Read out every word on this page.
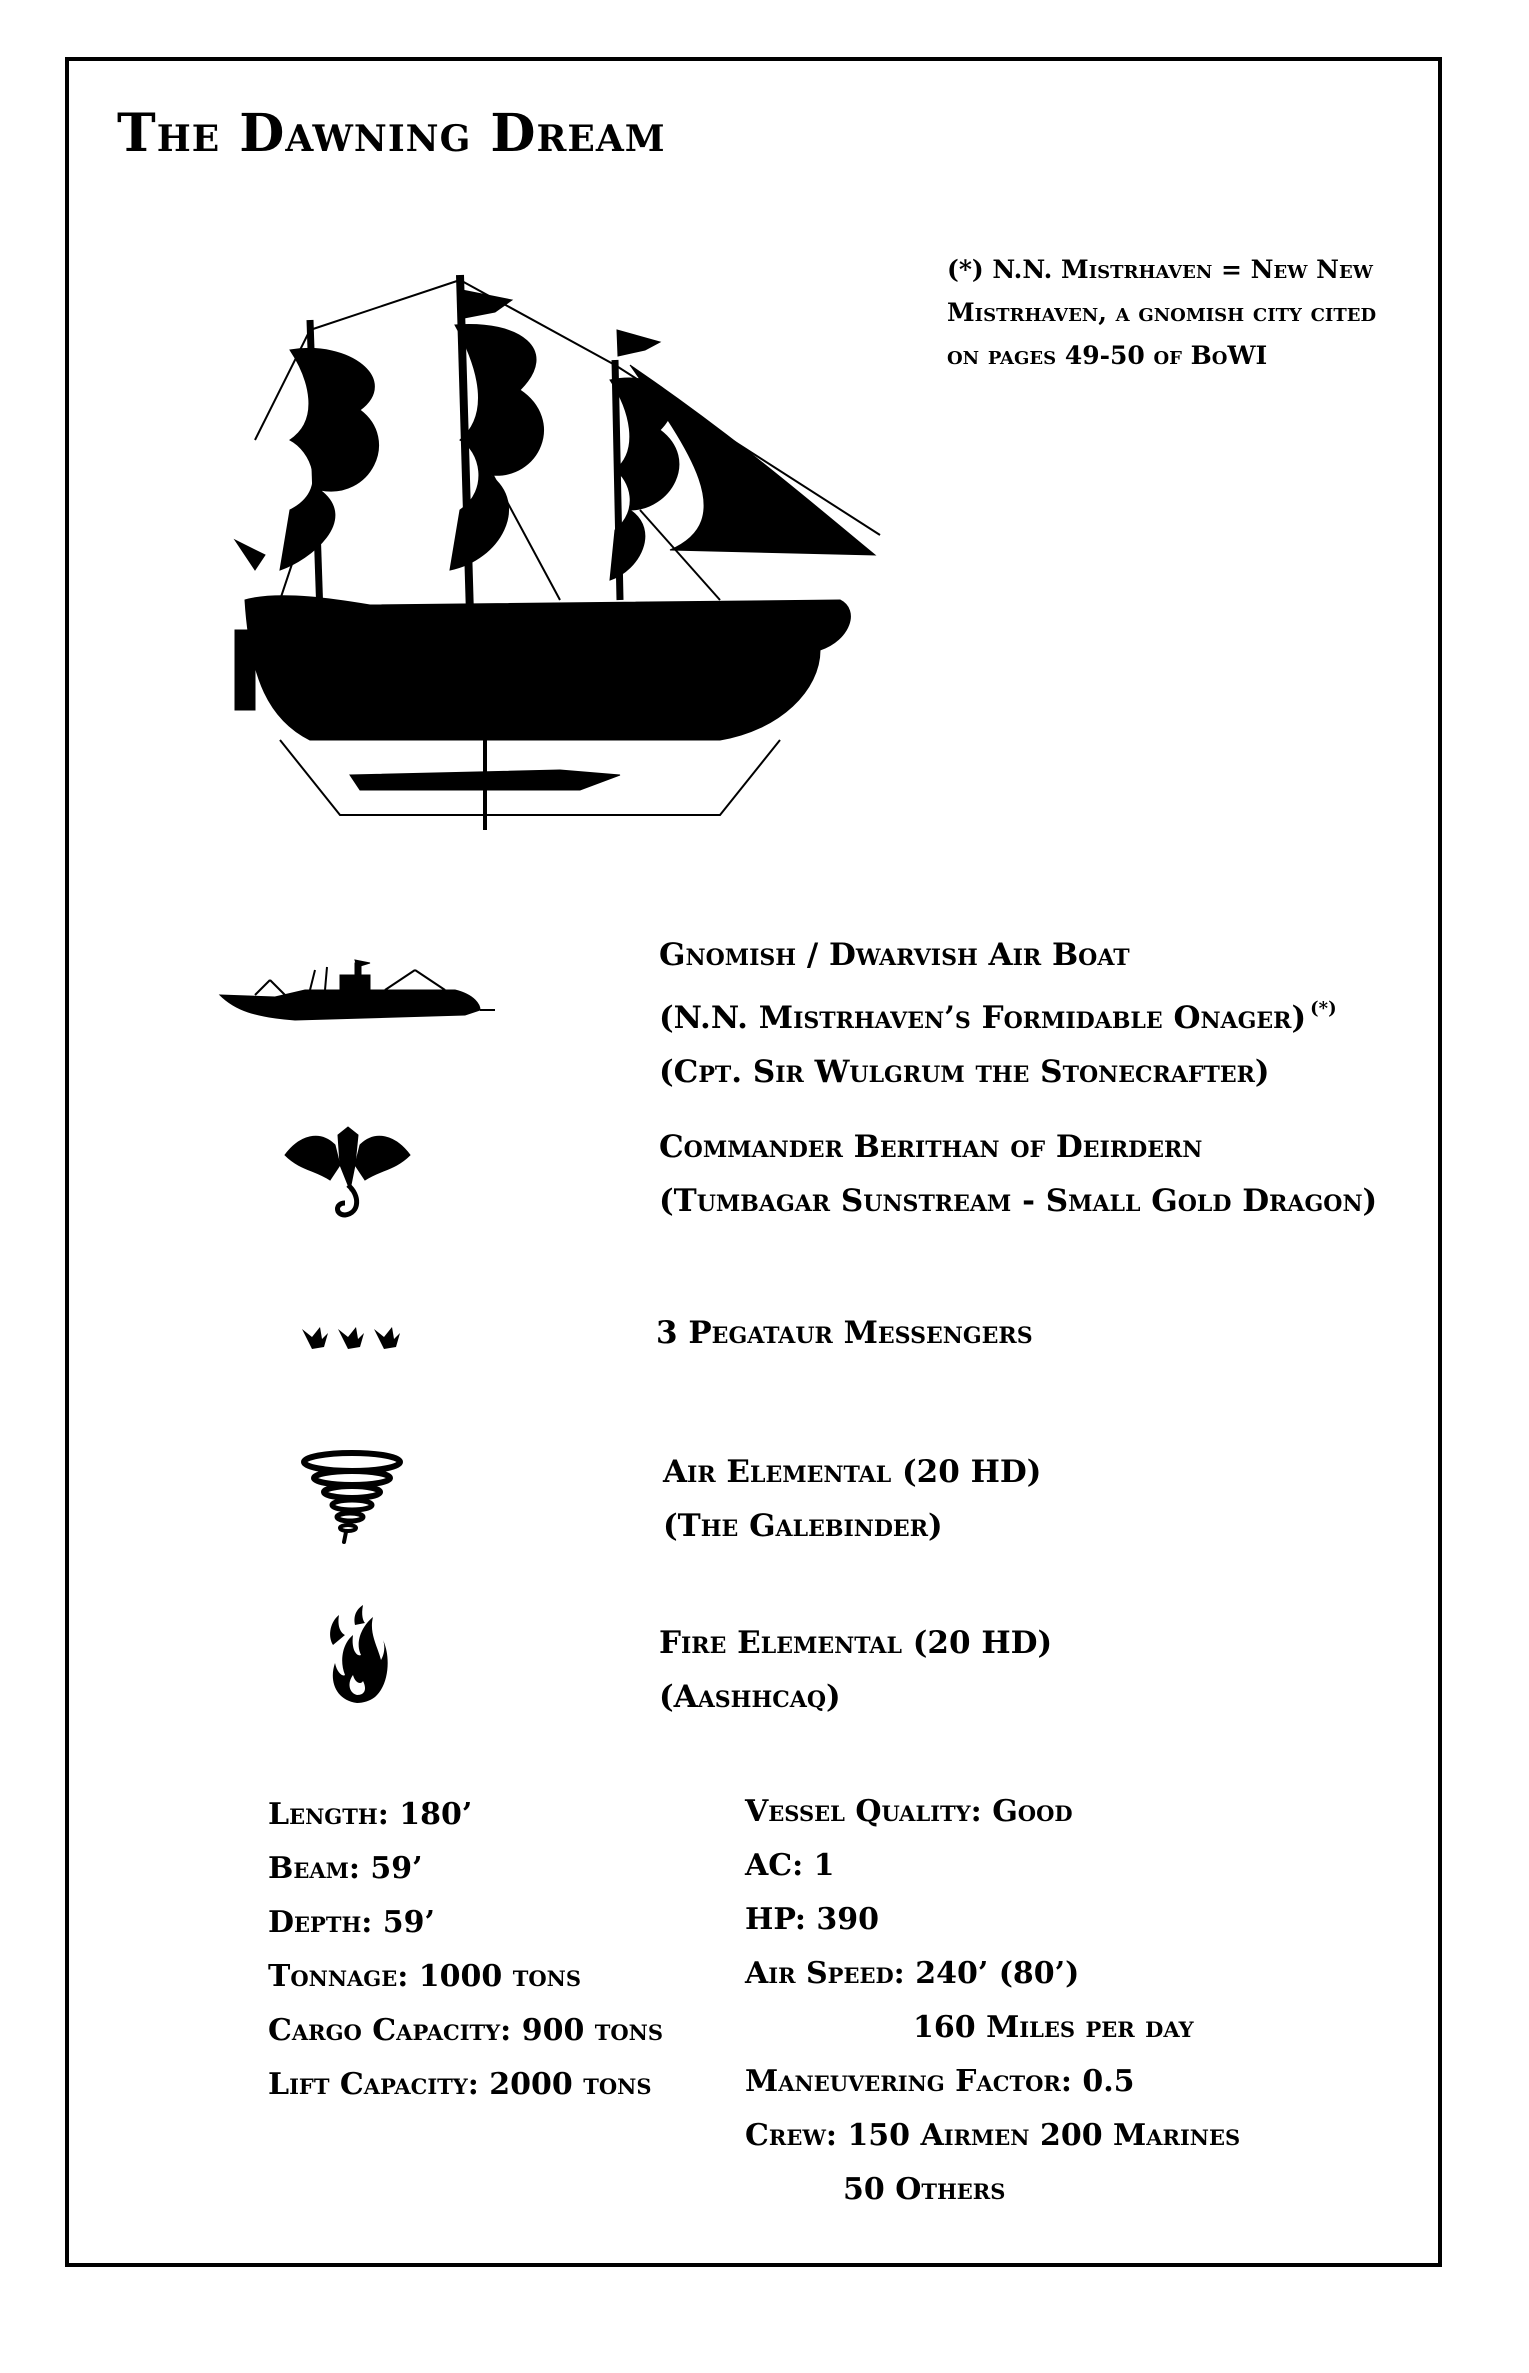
The Dawning Dream
(*) N.N. Mistrhaven = New New
Mistrhaven, a gnomish city cited
on pages 49-50 of BoWI
Gnomish / Dwarvish Air Boat
(N.N. Mistrhaven’s Formidable Onager) (*)
(Cpt. Sir Wulgrum the Stonecrafter)
Commander Berithan of Deirdern
(Tumbagar Sunstream - Small Gold Dragon)
3 Pegataur Messengers
Air Elemental (20 HD)
(The Galebinder)
Fire Elemental (20 HD)
(Aashhcaq)
Length: 180’
Beam: 59’
Depth: 59’
Tonnage: 1000 tons
Cargo Capacity: 900 tons
Lift Capacity: 2000 tons
Vessel Quality: Good
AC: 1
HP: 390
Air Speed: 240’ (80’)
160 Miles per day
Maneuvering Factor: 0.5
Crew: 150 Airmen 200 Marines
50 Others
